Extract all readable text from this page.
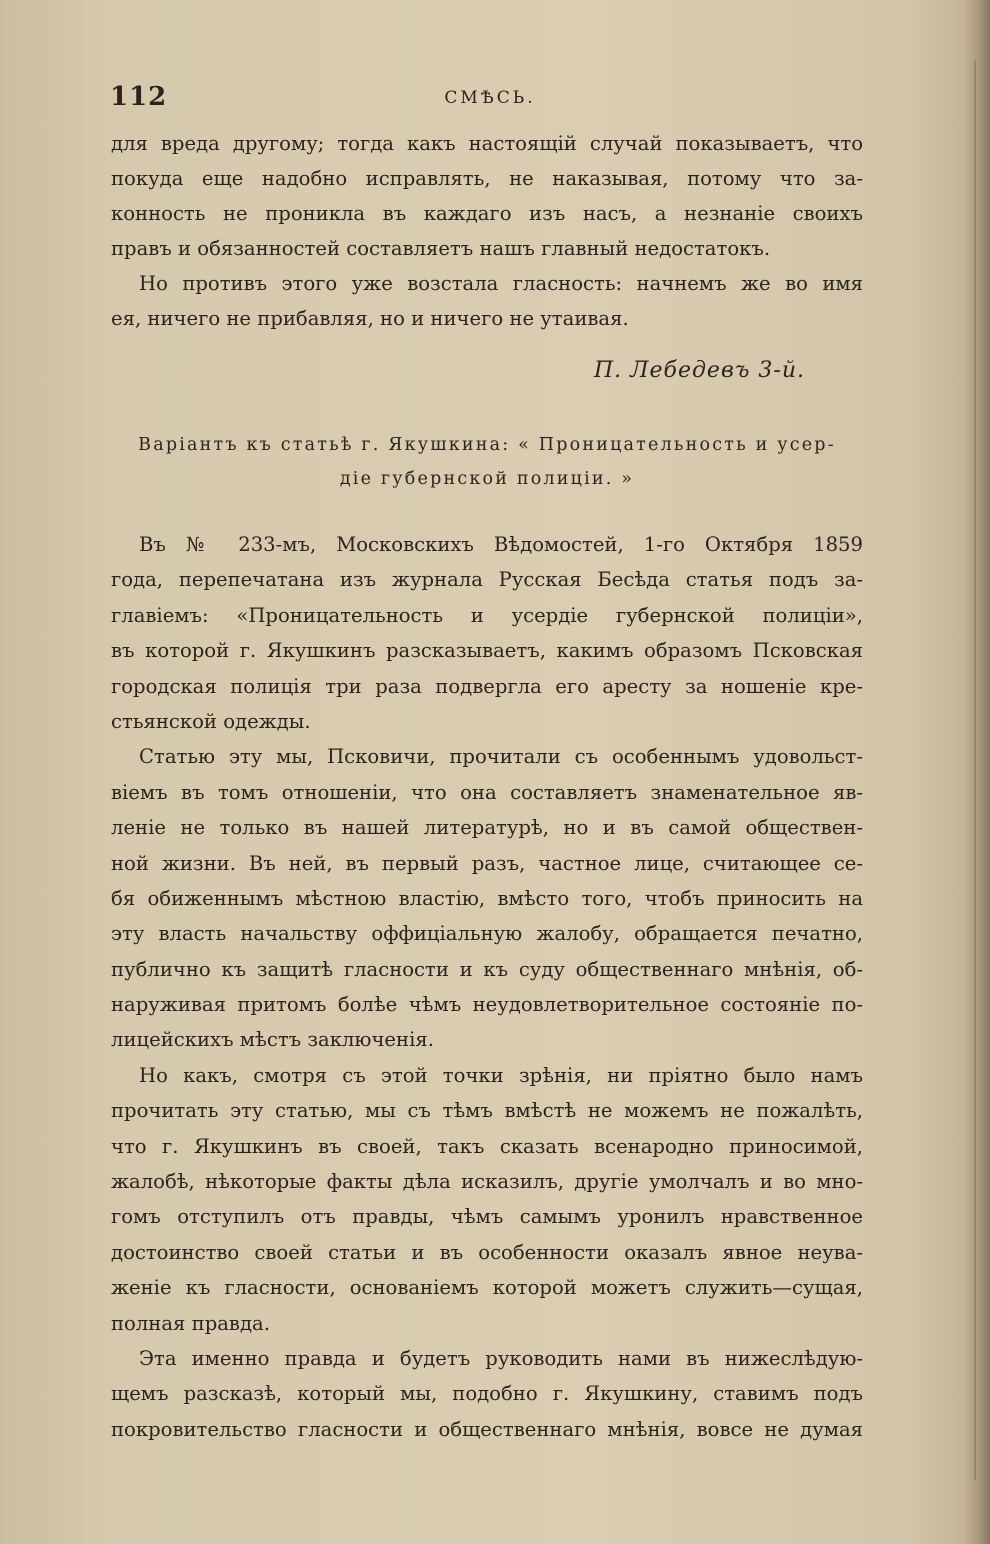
112	СМѢСЬ.
для вреда другому; тогда какъ настоящій случай показываетъ, что
покуда еще надобно исправлять, не наказывая, потому что за-
конность не проникла въ каждаго изъ насъ, а незнаніе своихъ
правъ и обязанностей составляетъ нашъ главный недостатокъ.
Но противъ этого уже возстала гласность: начнемъ же во имя
ея, ничего не прибавляя, но и ничего не утаивая.
П. Лебедевъ 3-й.
Варіантъ къ статьѣ г. Якушкина: « Проницательность и усер-
діе губернской полиціи. »
Въ № 233-мъ, Московскихъ Вѣдомостей, 1-го Октября 1859
года, перепечатана изъ журнала Русская Бесѣда статья подъ за-
главіемъ: «Проницательность и усердіе губернской полиціи»,
въ которой г. Якушкинъ разсказываетъ, какимъ образомъ Псковская
городская полиція три раза подвергла его аресту за ношеніе кре-
стьянской одежды.
Статью эту мы, Псковичи, прочитали съ особеннымъ удовольст-
віемъ въ томъ отношеніи, что она составляетъ знаменательное яв-
леніе не только въ нашей литературѣ, но и въ самой обществен-
ной жизни. Въ ней, въ первый разъ, частное лице, считающее се-
бя обиженнымъ мѣстною властію, вмѣсто того, чтобъ приносить на
эту власть начальству оффиціальную жалобу, обращается печатно,
публично къ защитѣ гласности и къ суду общественнаго мнѣнія, об-
наруживая притомъ болѣе чѣмъ неудовлетворительное состояніе по-
лицейскихъ мѣстъ заключенія.
Но какъ, смотря съ этой точки зрѣнія, ни пріятно было намъ
прочитать эту статью, мы съ тѣмъ вмѣстѣ не можемъ не пожалѣть,
что г. Якушкинъ въ своей, такъ сказать всенародно приносимой,
жалобѣ, нѣкоторые факты дѣла исказилъ, другіе умолчалъ и во мно-
гомъ отступилъ отъ правды, чѣмъ самымъ уронилъ нравственное
достоинство своей статьи и въ особенности оказалъ явное неува-
женіе къ гласности, основаніемъ которой можетъ служить—сущая,
полная правда.
Эта именно правда и будетъ руководить нами въ нижеслѣдую-
щемъ разсказѣ, который мы, подобно г. Якушкину, ставимъ подъ
покровительство гласности и общественнаго мнѣнія, вовсе не думая
